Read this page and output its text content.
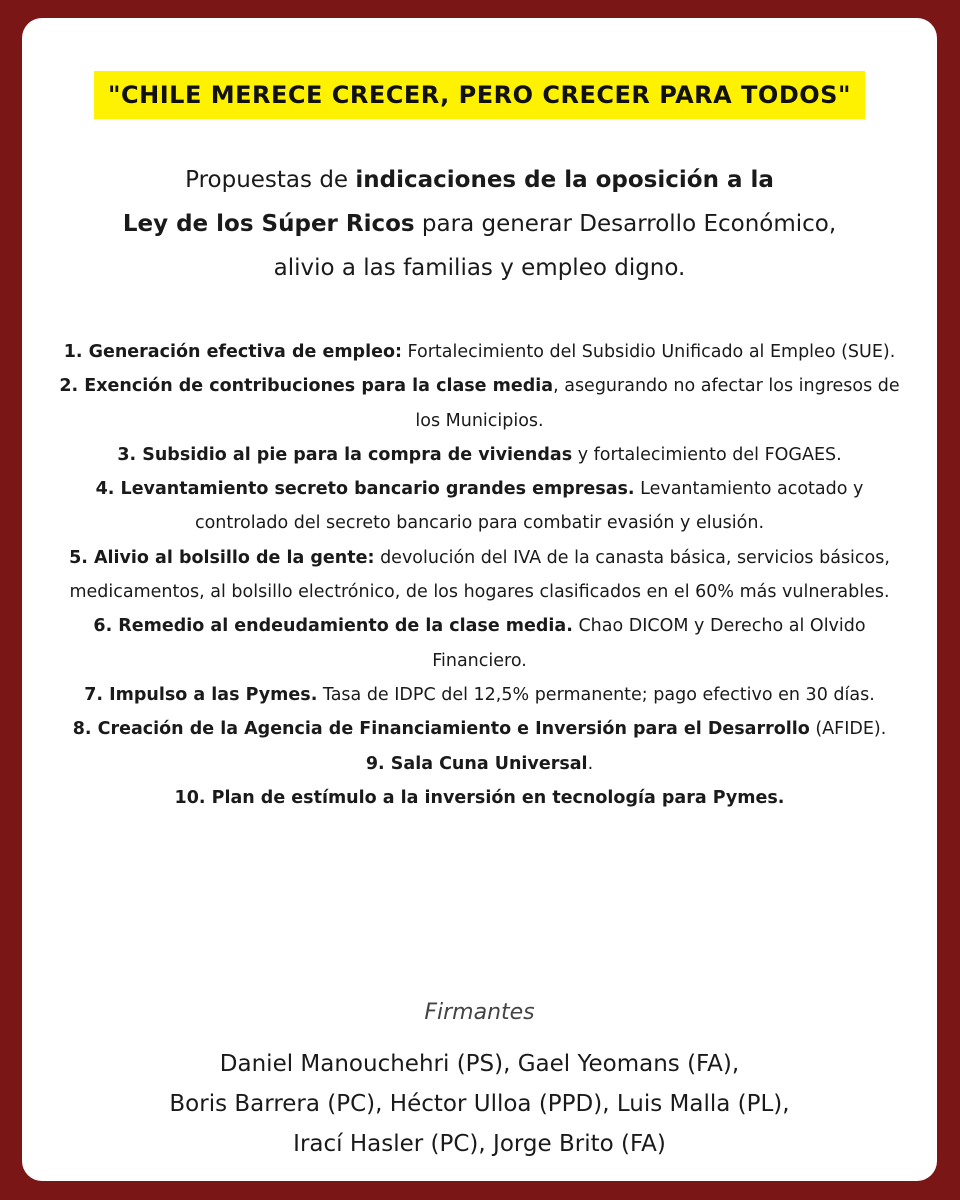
"CHILE MERECE CRECER, PERO CRECER PARA TODOS"
Propuestas de indicaciones de la oposición a la
Ley de los Súper Ricos para generar Desarrollo Económico,
alivio a las familias y empleo digno.
1. Generación efectiva de empleo: Fortalecimiento del Subsidio Unificado al Empleo (SUE).
2. Exención de contribuciones para la clase media, asegurando no afectar los ingresos de los Municipios.
3. Subsidio al pie para la compra de viviendas y fortalecimiento del FOGAES.
4. Levantamiento secreto bancario grandes empresas. Levantamiento acotado y controlado del secreto bancario para combatir evasión y elusión.
5. Alivio al bolsillo de la gente: devolución del IVA de la canasta básica, servicios básicos, medicamentos, al bolsillo electrónico, de los hogares clasificados en el 60% más vulnerables.
6. Remedio al endeudamiento de la clase media. Chao DICOM y Derecho al Olvido Financiero.
7. Impulso a las Pymes. Tasa de IDPC del 12,5% permanente; pago efectivo en 30 días.
8. Creación de la Agencia de Financiamiento e Inversión para el Desarrollo (AFIDE).
9. Sala Cuna Universal.
10. Plan de estímulo a la inversión en tecnología para Pymes.
Firmantes
Daniel Manouchehri (PS), Gael Yeomans (FA),
Boris Barrera (PC), Héctor Ulloa (PPD), Luis Malla (PL),
Irací Hasler (PC), Jorge Brito (FA)
